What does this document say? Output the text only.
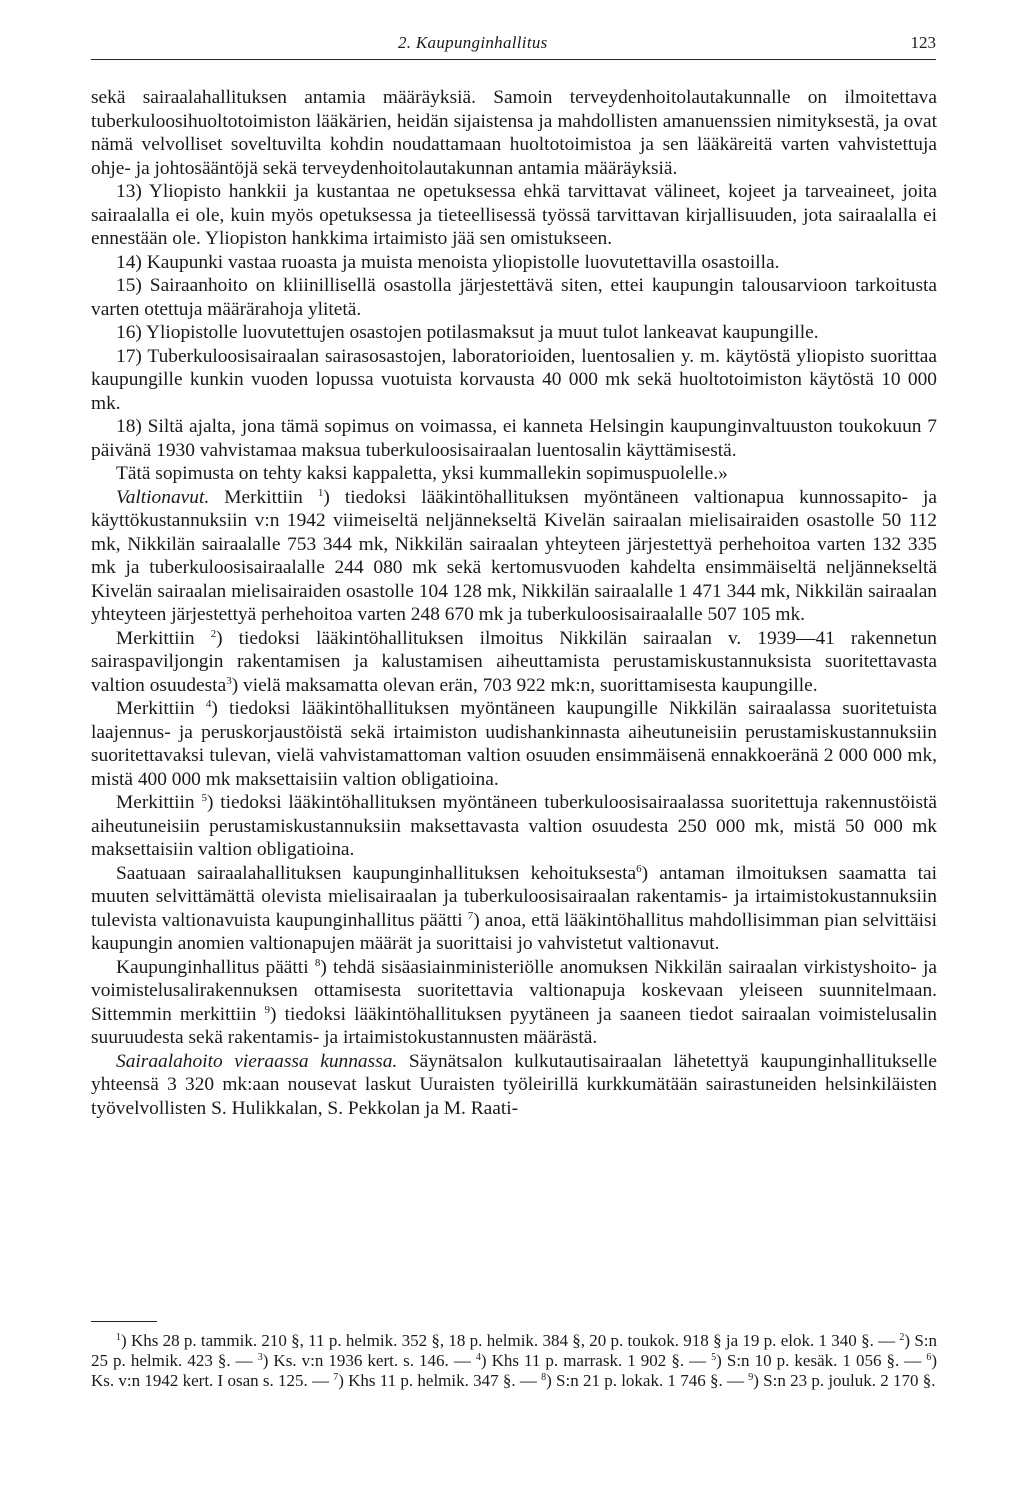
2. Kaupunginhallitus	123

sekä sairaalahallituksen antamia määräyksiä. Samoin terveydenhoitolautakunnalle on ilmoitettava tuberkuloosihuoltotoimiston lääkärien, heidän sijaistensa ja mahdollisten amanuenssien nimityksestä, ja ovat nämä velvolliset soveltuvilta kohdin noudattamaan huoltotoimistoa ja sen lääkäreitä varten vahvistettuja ohje- ja johtosääntöjä sekä terveydenhoitolautakunnan antamia määräyksiä.

13) Yliopisto hankkii ja kustantaa ne opetuksessa ehkä tarvittavat välineet, kojeet ja tarveaineet, joita sairaalalla ei ole, kuin myös opetuksessa ja tieteellisessä työssä tarvittavan kirjallisuuden, jota sairaalalla ei ennestään ole. Yliopiston hankkima irtaimisto jää sen omistukseen.

14) Kaupunki vastaa ruoasta ja muista menoista yliopistolle luovutettavilla osastoilla.

15) Sairaanhoito on kliinillisellä osastolla järjestettävä siten, ettei kaupungin talousarvioon tarkoitusta varten otettuja määrärahoja ylitetä.

16) Yliopistolle luovutettujen osastojen potilasmaksut ja muut tulot lankeavat kaupungille.

17) Tuberkuloosisairaalan sairasosastojen, laboratorioiden, luentosalien y. m. käytöstä yliopisto suorittaa kaupungille kunkin vuoden lopussa vuotuista korvausta 40 000 mk sekä huoltotoimiston käytöstä 10 000 mk.

18) Siltä ajalta, jona tämä sopimus on voimassa, ei kanneta Helsingin kaupunginvaltuuston toukokuun 7 päivänä 1930 vahvistamaa maksua tuberkuloosisairaalan luentosalin käyttämisestä.

Tätä sopimusta on tehty kaksi kappaletta, yksi kummallekin sopimuspuolelle.»

Valtionavut. Merkittiin $^1$) tiedoksi lääkintöhallituksen myöntäneen valtionapua kunnossapito- ja käyttökustannuksiin v:n 1942 viimeiseltä neljännekseltä Kivelän sairaalan mielisairaiden osastolle 50 112 mk, Nikkilän sairaalalle 753 344 mk, Nikkilän sairaalan yhteyteen järjestettyä perhehoitoa varten 132 335 mk ja tuberkuloosisairaalalle 244 080 mk sekä kertomusvuoden kahdelta ensimmäiseltä neljännekseltä Kivelän sairaalan mielisairaiden osastolle 104 128 mk, Nikkilän sairaalalle 1 471 344 mk, Nikkilän sairaalan yhteyteen järjestettyä perhehoitoa varten 248 670 mk ja tuberkuloosisairaalalle 507 105 mk.

Merkittiin $^2$) tiedoksi lääkintöhallituksen ilmoitus Nikkilän sairaalan v. 1939—41 rakennetun sairaspaviljongin rakentamisen ja kalustamisen aiheuttamista perustamiskustannuksista suoritettavasta valtion osuudesta$^3$) vielä maksamatta olevan erän, 703 922 mk:n, suorittamisesta kaupungille.

Merkittiin $^4$) tiedoksi lääkintöhallituksen myöntäneen kaupungille Nikkilän sairaalassa suoritetuista laajennus- ja peruskorjaustöistä sekä irtaimiston uudishankinnasta aiheutuneisiin perustamiskustannuksiin suoritettavaksi tulevan, vielä vahvistamattoman valtion osuuden ensimmäisenä ennakkoeränä 2 000 000 mk, mistä 400 000 mk maksettaisiin valtion obligatioina.

Merkittiin $^5$) tiedoksi lääkintöhallituksen myöntäneen tuberkuloosisairaalassa suoritettuja rakennustöistä aiheutuneisiin perustamiskustannuksiin maksettavasta valtion osuudesta 250 000 mk, mistä 50 000 mk maksettaisiin valtion obligatioina.

Saatuaan sairaalahallituksen kaupunginhallituksen kehoituksesta$^6$) antaman ilmoituksen saamatta tai muuten selvittämättä olevista mielisairaalan ja tuberkuloosisairaalan rakentamis- ja irtaimistokustannuksiin tulevista valtionavuista kaupunginhallitus päätti $^7$) anoa, että lääkintöhallitus mahdollisimman pian selvittäisi kaupungin anomien valtionapujen määrät ja suorittaisi jo vahvistetut valtionavut.

Kaupunginhallitus päätti $^8$) tehdä sisäasiainministeriölle anomuksen Nikkilän sairaalan virkistyshoito- ja voimistelusalirakennuksen ottamisesta suoritettavia valtionapuja koskevaan yleiseen suunnitelmaan. Sittemmin merkittiin $^9$) tiedoksi lääkintöhallituksen pyytäneen ja saaneen tiedot sairaalan voimistelusalin suuruudesta sekä rakentamis- ja irtaimistokustannusten määrästä.

Sairaalahoito vieraassa kunnassa. Säynätsalon kulkutautisairaalan lähetettyä kaupunginhallitukselle yhteensä 3 320 mk:aan nousevat laskut Uuraisten työleirillä kurkkumätään sairastuneiden helsinkiläisten työvelvollisten S. Hulikkalan, S. Pekkolan ja M. Raati-

$^1$) Khs 28 p. tammik. 210 §, 11 p. helmik. 352 §, 18 p. helmik. 384 §, 20 p. toukok. 918 § ja 19 p. elok. 1 340 §. — $^2$) S:n 25 p. helmik. 423 §. — $^3$) Ks. v:n 1936 kert. s. 146. — $^4$) Khs 11 p. marrask. 1 902 §. — $^5$) S:n 10 p. kesäk. 1 056 §. — $^6$) Ks. v:n 1942 kert. I osan s. 125. — $^7$) Khs 11 p. helmik. 347 §. — $^8$) S:n 21 p. lokak. 1 746 §. — $^9$) S:n 23 p. jouluk. 2 170 §.
